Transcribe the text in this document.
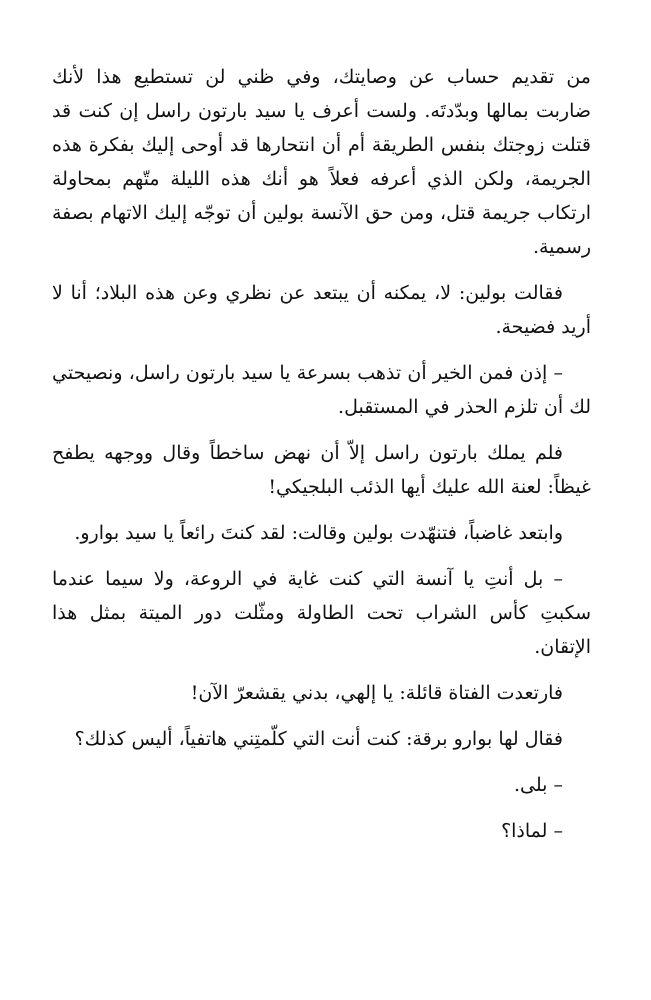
من تقديم حساب عن وصايتك، وفي ظني لن تستطيع هذا لأنك ضاربت بمالها وبدّدتَه. ولست أعرف يا سيد بارتون راسل إن كنت قد قتلت زوجتك بنفس الطريقة أم أن انتحارها قد أوحى إليك بفكرة هذه الجريمة، ولكن الذي أعرفه فعلاً هو أنك هذه الليلة متّهم بمحاولة ارتكاب جريمة قتل، ومن حق الآنسة بولين أن توجّه إليك الاتهام بصفة رسمية.

فقالت بولين: لا، يمكنه أن يبتعد عن نظري وعن هذه البلاد؛ أنا لا أريد فضيحة.

– إذن فمن الخير أن تذهب بسرعة يا سيد بارتون راسل، ونصيحتي لك أن تلزم الحذر في المستقبل.

فلم يملك بارتون راسل إلاّ أن نهض ساخطاً وقال ووجهه يطفح غيظاً: لعنة الله عليك أيها الذئب البلجيكي!

وابتعد غاضباً، فتنهّدت بولين وقالت: لقد كنتَ رائعاً يا سيد بوارو.

– بل أنتِ يا آنسة التي كنت غاية في الروعة، ولا سيما عندما سكبتِ كأس الشراب تحت الطاولة ومثّلت دور الميتة بمثل هذا الإتقان.

فارتعدت الفتاة قائلة: يا إلهي، بدني يقشعرّ الآن!

فقال لها بوارو برقة: كنت أنت التي كلّمتِني هاتفياً، أليس كذلك؟

– بلى.

– لماذا؟
